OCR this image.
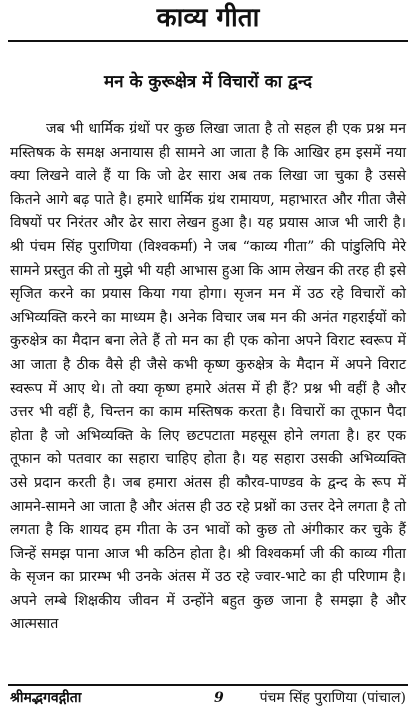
काव्य गीता
मन के कुरूक्षेत्र में विचारों का द्वन्द

जब भी धार्मिक ग्रंथों पर कुछ लिखा जाता है तो सहल ही एक प्रश्न मन मस्तिषक के समक्ष अनायास ही सामने आ जाता है कि आखिर हम इसमें नया क्या लिखने वाले हैं या कि जो ढेर सारा अब तक लिखा जा चुका है उससे कितने आगे बढ़ पाते है। हमारे धार्मिक ग्रंथ रामायण, महाभारत और गीता जैसे विषयों पर निरंतर और ढेर सारा लेखन हुआ है। यह प्रयास आज भी जारी है। श्री पंचम सिंह पुराणिया (विश्वकर्मा) ने जब “काव्य गीता” की पांडुलिपि मेरे सामने प्रस्तुत की तो मुझे भी यही आभास हुआ कि आम लेखन की तरह ही इसे सृजित करने का प्रयास किया गया होगा। सृजन मन में उठ रहे विचारों को अभिव्यक्ति करने का माध्यम है। अनेक विचार जब मन की अनंत गहराईयों को कुरुक्षेत्र का मैदान बना लेते हैं तो मन का ही एक कोना अपने विराट स्वरूप में आ जाता है ठीक वैसे ही जैसे कभी कृष्ण कुरुक्षेत्र के मैदान में अपने विराट स्वरूप में आए थे। तो क्या कृष्ण हमारे अंतस में ही हैं? प्रश्न भी वहीं है और उत्तर भी वहीं है, चिन्तन का काम मस्तिषक करता है। विचारों का तूफान पैदा होता है जो अभिव्यक्ति के लिए छटपटाता महसूस होने लगता है। हर एक तूफान को पतवार का सहारा चाहिए होता है। यह सहारा उसकी अभिव्यक्ति उसे प्रदान करती है। जब हमारा अंतस ही कौरव-पाण्डव के द्वन्द के रूप में आमने-सामने आ जाता है और अंतस ही उठ रहे प्रश्नों का उत्तर देने लगता है तो लगता है कि शायद हम गीता के उन भावों को कुछ तो अंगीकार कर चुके हैं जिन्हें समझ पाना आज भी कठिन होता है। श्री विश्वकर्मा जी की काव्य गीता के सृजन का प्रारम्भ भी उनके अंतस में उठ रहे ज्वार-भाटे का ही परिणाम है। अपने लम्बे शिक्षकीय जीवन में उन्होंने बहुत कुछ जाना है समझा है और आत्मसात

श्रीमद्भगवद्गीता	9	पंचम सिंह पुराणिया (पांचाल)
